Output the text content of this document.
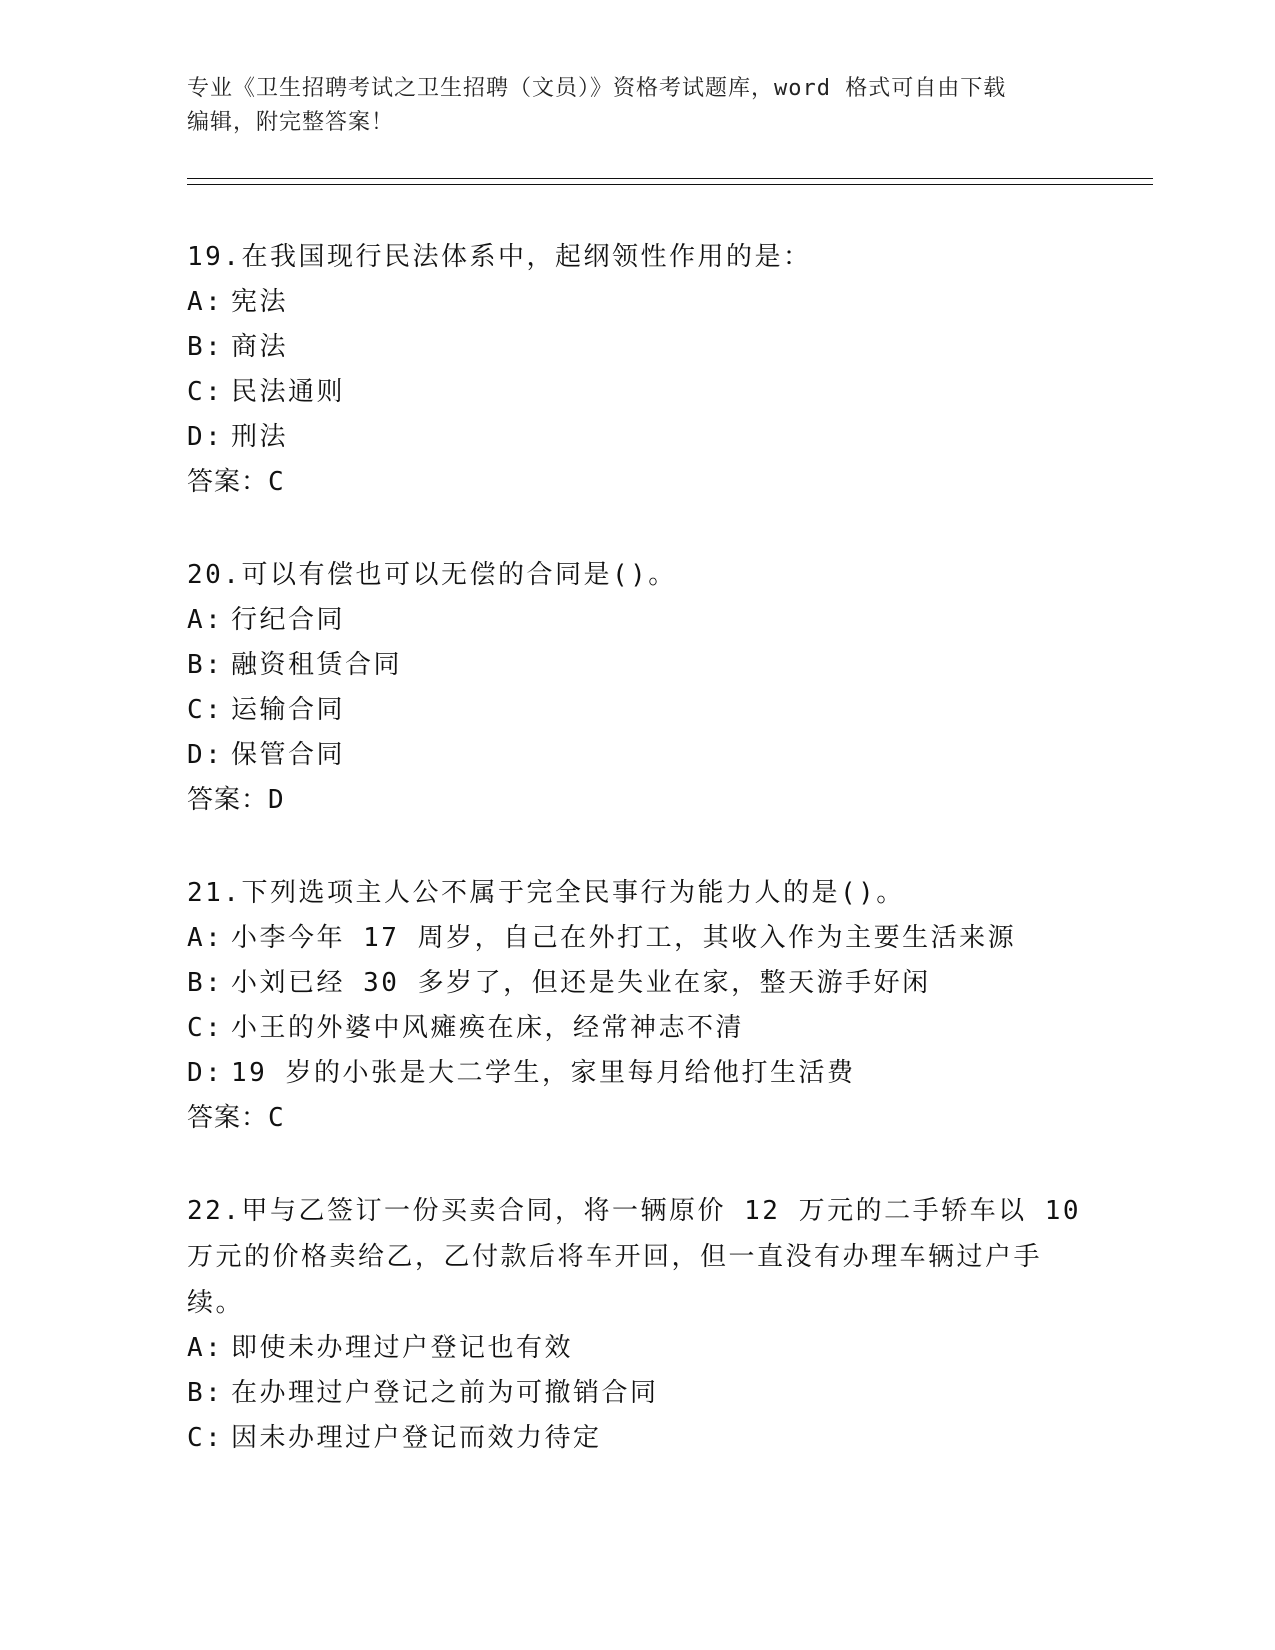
专业《卫生招聘考试之卫生招聘（文员）》资格考试题库，word 格式可自由下载
编辑，附完整答案！
19.在我国现行民法体系中，起纲领性作用的是：
A: 宪法
B: 商法
C: 民法通则
D: 刑法
答案：C
20.可以有偿也可以无偿的合同是()。
A: 行纪合同
B: 融资租赁合同
C: 运输合同
D: 保管合同
答案：D
21.下列选项主人公不属于完全民事行为能力人的是()。
A: 小李今年 17 周岁，自己在外打工，其收入作为主要生活来源
B: 小刘已经 30 多岁了，但还是失业在家，整天游手好闲
C: 小王的外婆中风瘫痪在床，经常神志不清
D: 19 岁的小张是大二学生，家里每月给他打生活费
答案：C
22.甲与乙签订一份买卖合同，将一辆原价 12 万元的二手轿车以 10 万元的价格卖给乙，乙付款后将车开回，但一直没有办理车辆过户手续。
A: 即使未办理过户登记也有效
B: 在办理过户登记之前为可撤销合同
C: 因未办理过户登记而效力待定
